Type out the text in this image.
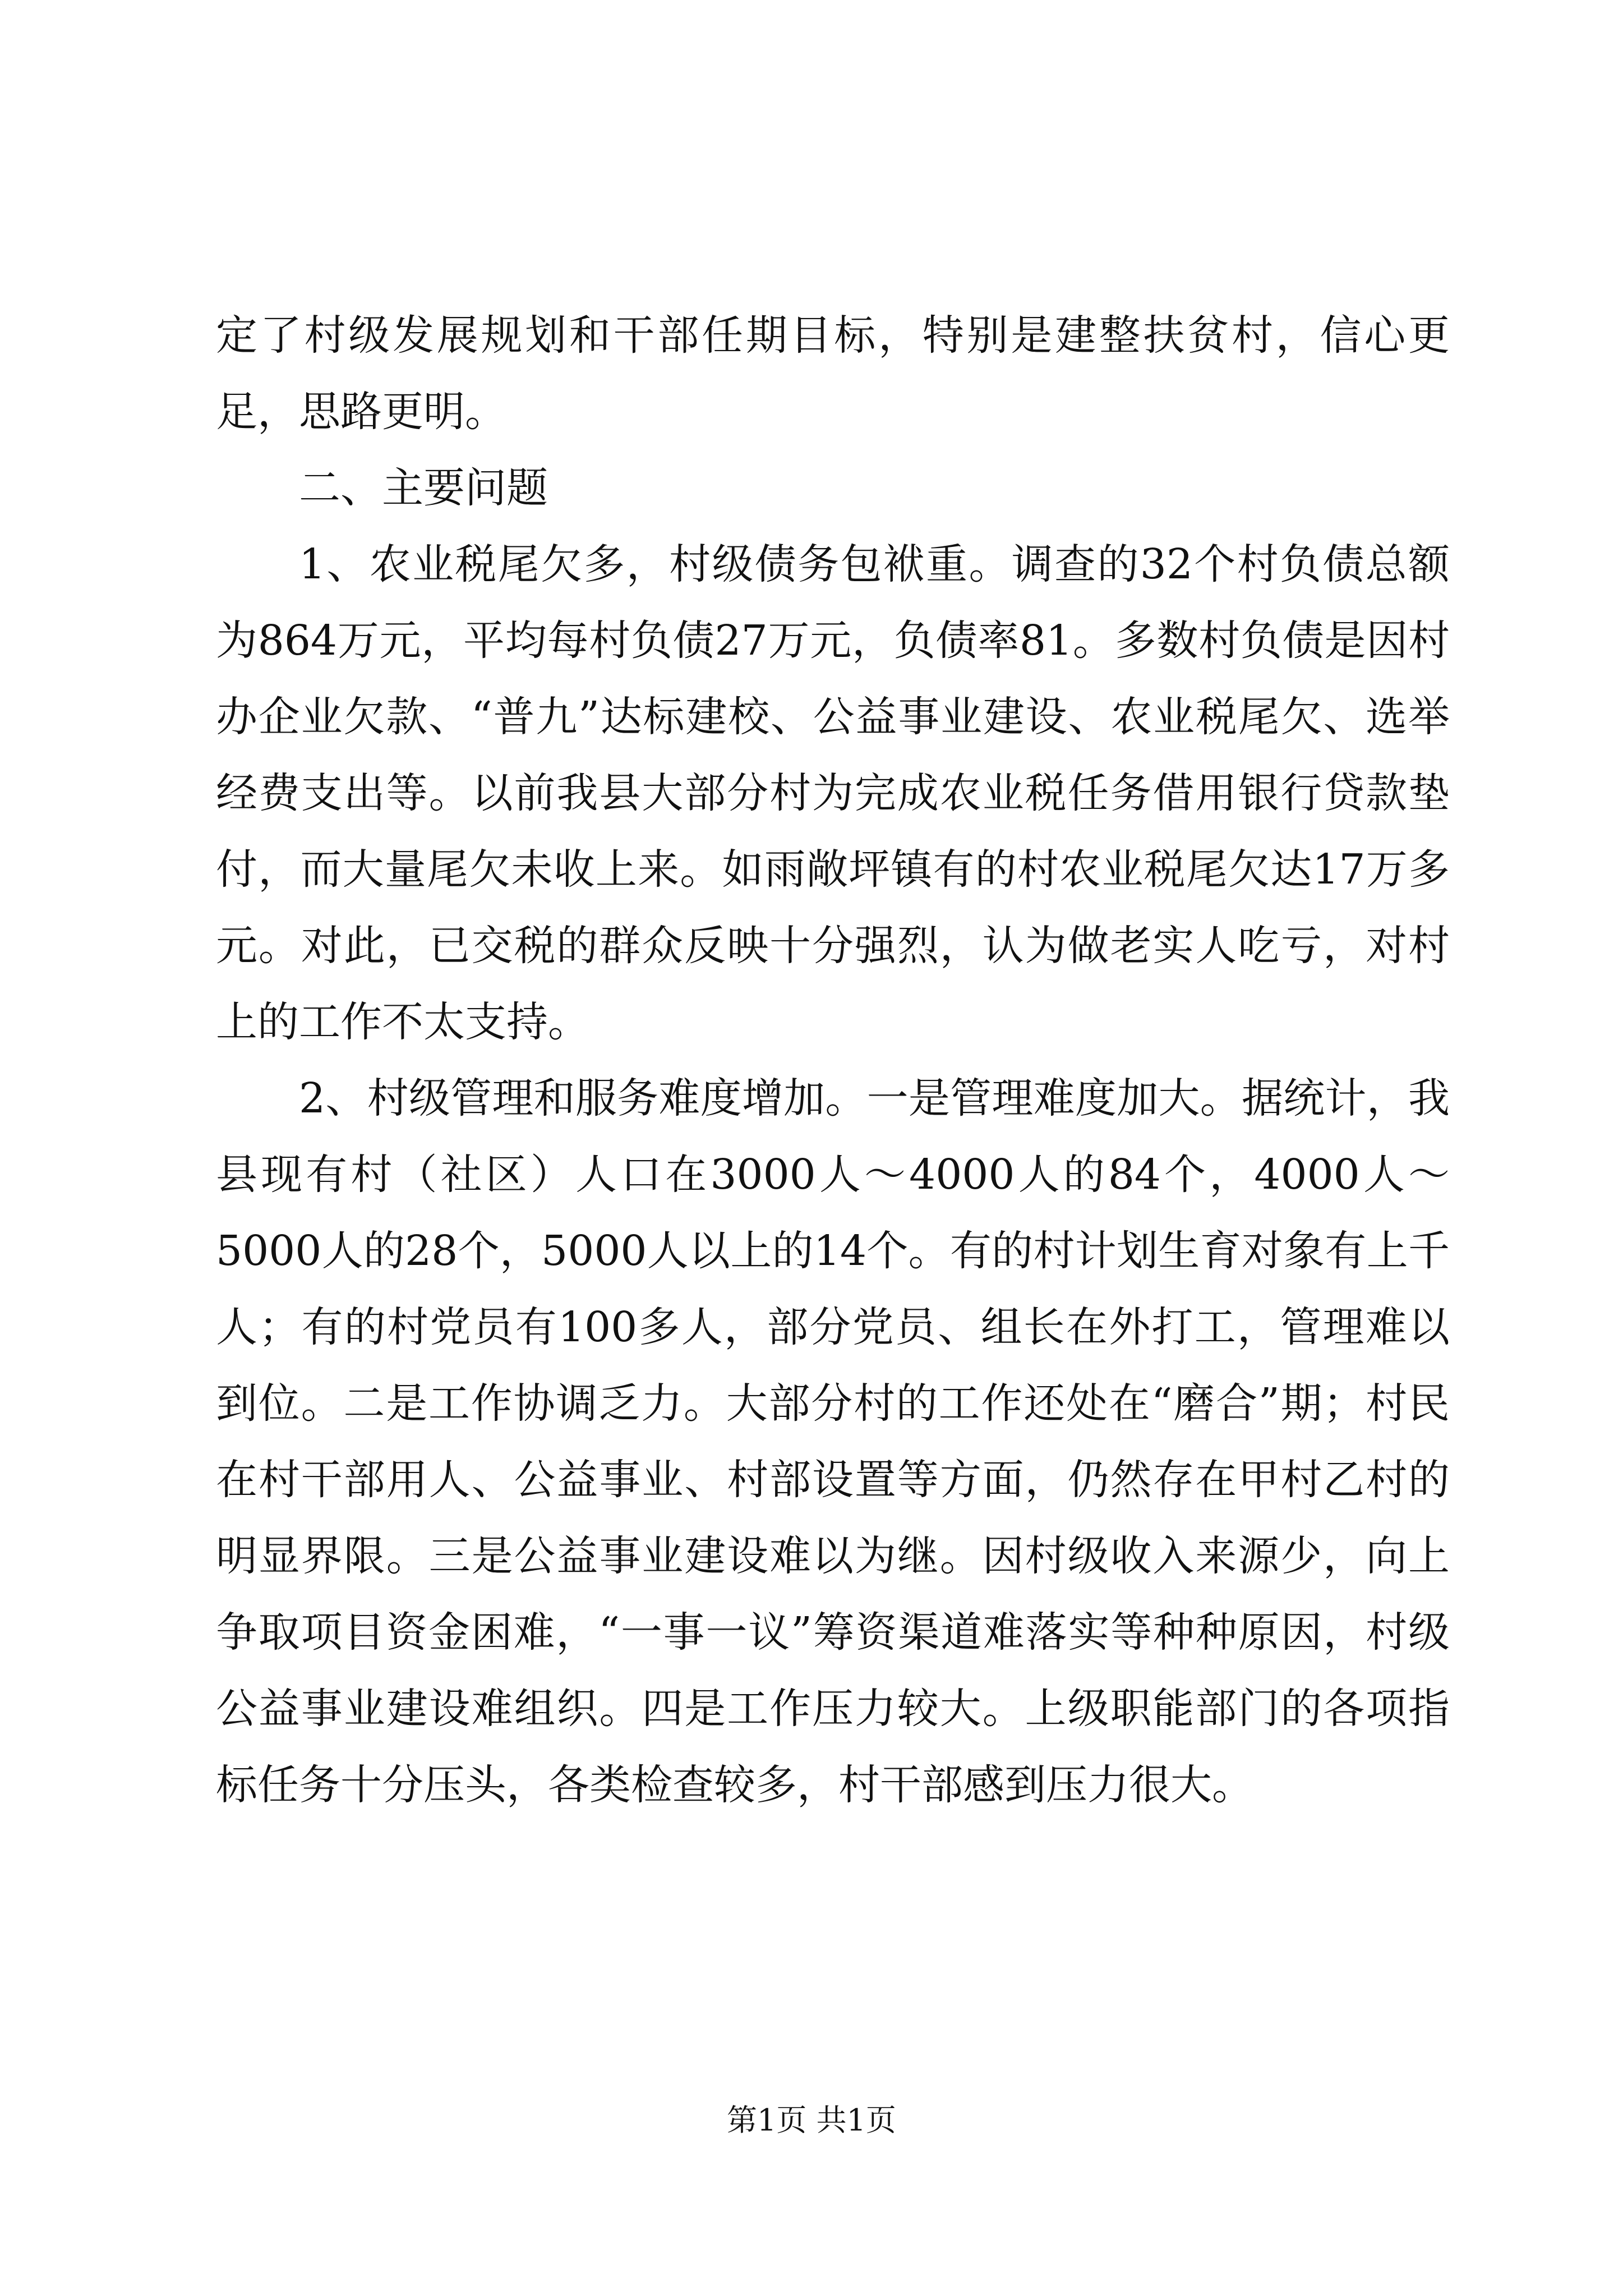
定了村级发展规划和干部任期目标，特别是建整扶贫村，信心更足，思路更明。

二、主要问题

1、农业税尾欠多，村级债务包袱重。调查的32个村负债总额为864万元，平均每村负债27万元，负债率81。多数村负债是因村办企业欠款、“普九”达标建校、公益事业建设、农业税尾欠、选举经费支出等。以前我县大部分村为完成农业税任务借用银行贷款垫付，而大量尾欠未收上来。如雨敞坪镇有的村农业税尾欠达17万多元。对此，已交税的群众反映十分强烈，认为做老实人吃亏，对村上的工作不太支持。

2、村级管理和服务难度增加。一是管理难度加大。据统计，我县现有村（社区）人口在3000人～4000人的84个，4000人～5000人的28个，5000人以上的14个。有的村计划生育对象有上千人；有的村党员有100多人，部分党员、组长在外打工，管理难以到位。二是工作协调乏力。大部分村的工作还处在“磨合”期；村民在村干部用人、公益事业、村部设置等方面，仍然存在甲村乙村的明显界限。三是公益事业建设难以为继。因村级收入来源少，向上争取项目资金困难，“一事一议”筹资渠道难落实等种种原因，村级公益事业建设难组织。四是工作压力较大。上级职能部门的各项指标任务十分压头，各类检查较多，村干部感到压力很大。

第1页 共1页
